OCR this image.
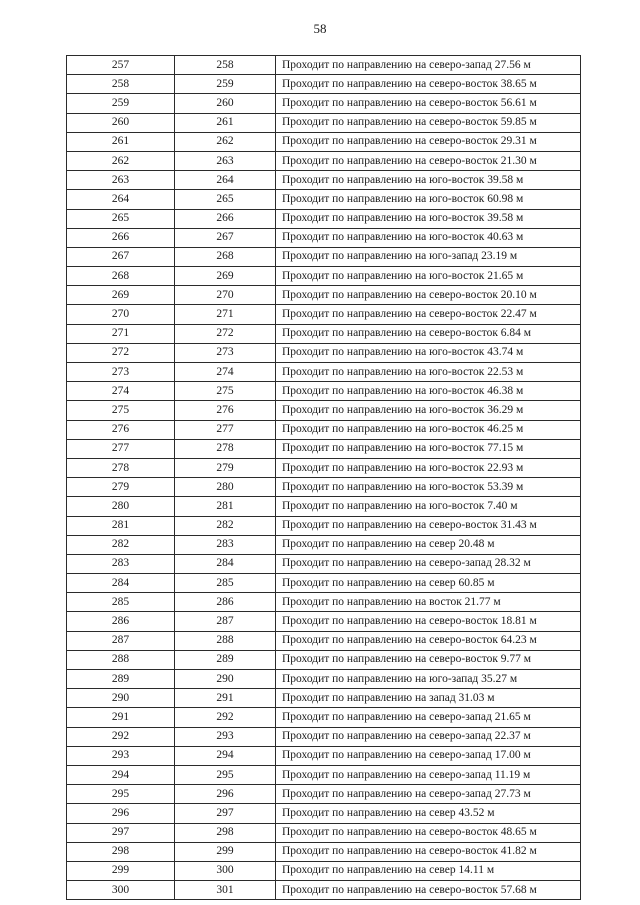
58
257	258	Проходит по направлению на северо-запад 27.56 м
258	259	Проходит по направлению на северо-восток 38.65 м
259	260	Проходит по направлению на северо-восток 56.61 м
260	261	Проходит по направлению на северо-восток 59.85 м
261	262	Проходит по направлению на северо-восток 29.31 м
262	263	Проходит по направлению на северо-восток 21.30 м
263	264	Проходит по направлению на юго-восток 39.58 м
264	265	Проходит по направлению на юго-восток 60.98 м
265	266	Проходит по направлению на юго-восток 39.58 м
266	267	Проходит по направлению на юго-восток 40.63 м
267	268	Проходит по направлению на юго-запад 23.19 м
268	269	Проходит по направлению на юго-восток 21.65 м
269	270	Проходит по направлению на северо-восток 20.10 м
270	271	Проходит по направлению на северо-восток 22.47 м
271	272	Проходит по направлению на северо-восток 6.84 м
272	273	Проходит по направлению на юго-восток 43.74 м
273	274	Проходит по направлению на юго-восток 22.53 м
274	275	Проходит по направлению на юго-восток 46.38 м
275	276	Проходит по направлению на юго-восток 36.29 м
276	277	Проходит по направлению на юго-восток 46.25 м
277	278	Проходит по направлению на юго-восток 77.15 м
278	279	Проходит по направлению на юго-восток 22.93 м
279	280	Проходит по направлению на юго-восток 53.39 м
280	281	Проходит по направлению на юго-восток 7.40 м
281	282	Проходит по направлению на северо-восток 31.43 м
282	283	Проходит по направлению на север 20.48 м
283	284	Проходит по направлению на северо-запад 28.32 м
284	285	Проходит по направлению на север 60.85 м
285	286	Проходит по направлению на восток 21.77 м
286	287	Проходит по направлению на северо-восток 18.81 м
287	288	Проходит по направлению на северо-восток 64.23 м
288	289	Проходит по направлению на северо-восток 9.77 м
289	290	Проходит по направлению на юго-запад 35.27 м
290	291	Проходит по направлению на запад 31.03 м
291	292	Проходит по направлению на северо-запад 21.65 м
292	293	Проходит по направлению на северо-запад 22.37 м
293	294	Проходит по направлению на северо-запад 17.00 м
294	295	Проходит по направлению на северо-запад 11.19 м
295	296	Проходит по направлению на северо-запад 27.73 м
296	297	Проходит по направлению на север 43.52 м
297	298	Проходит по направлению на северо-восток 48.65 м
298	299	Проходит по направлению на северо-восток 41.82 м
299	300	Проходит по направлению на север 14.11 м
300	301	Проходит по направлению на северо-восток 57.68 м
